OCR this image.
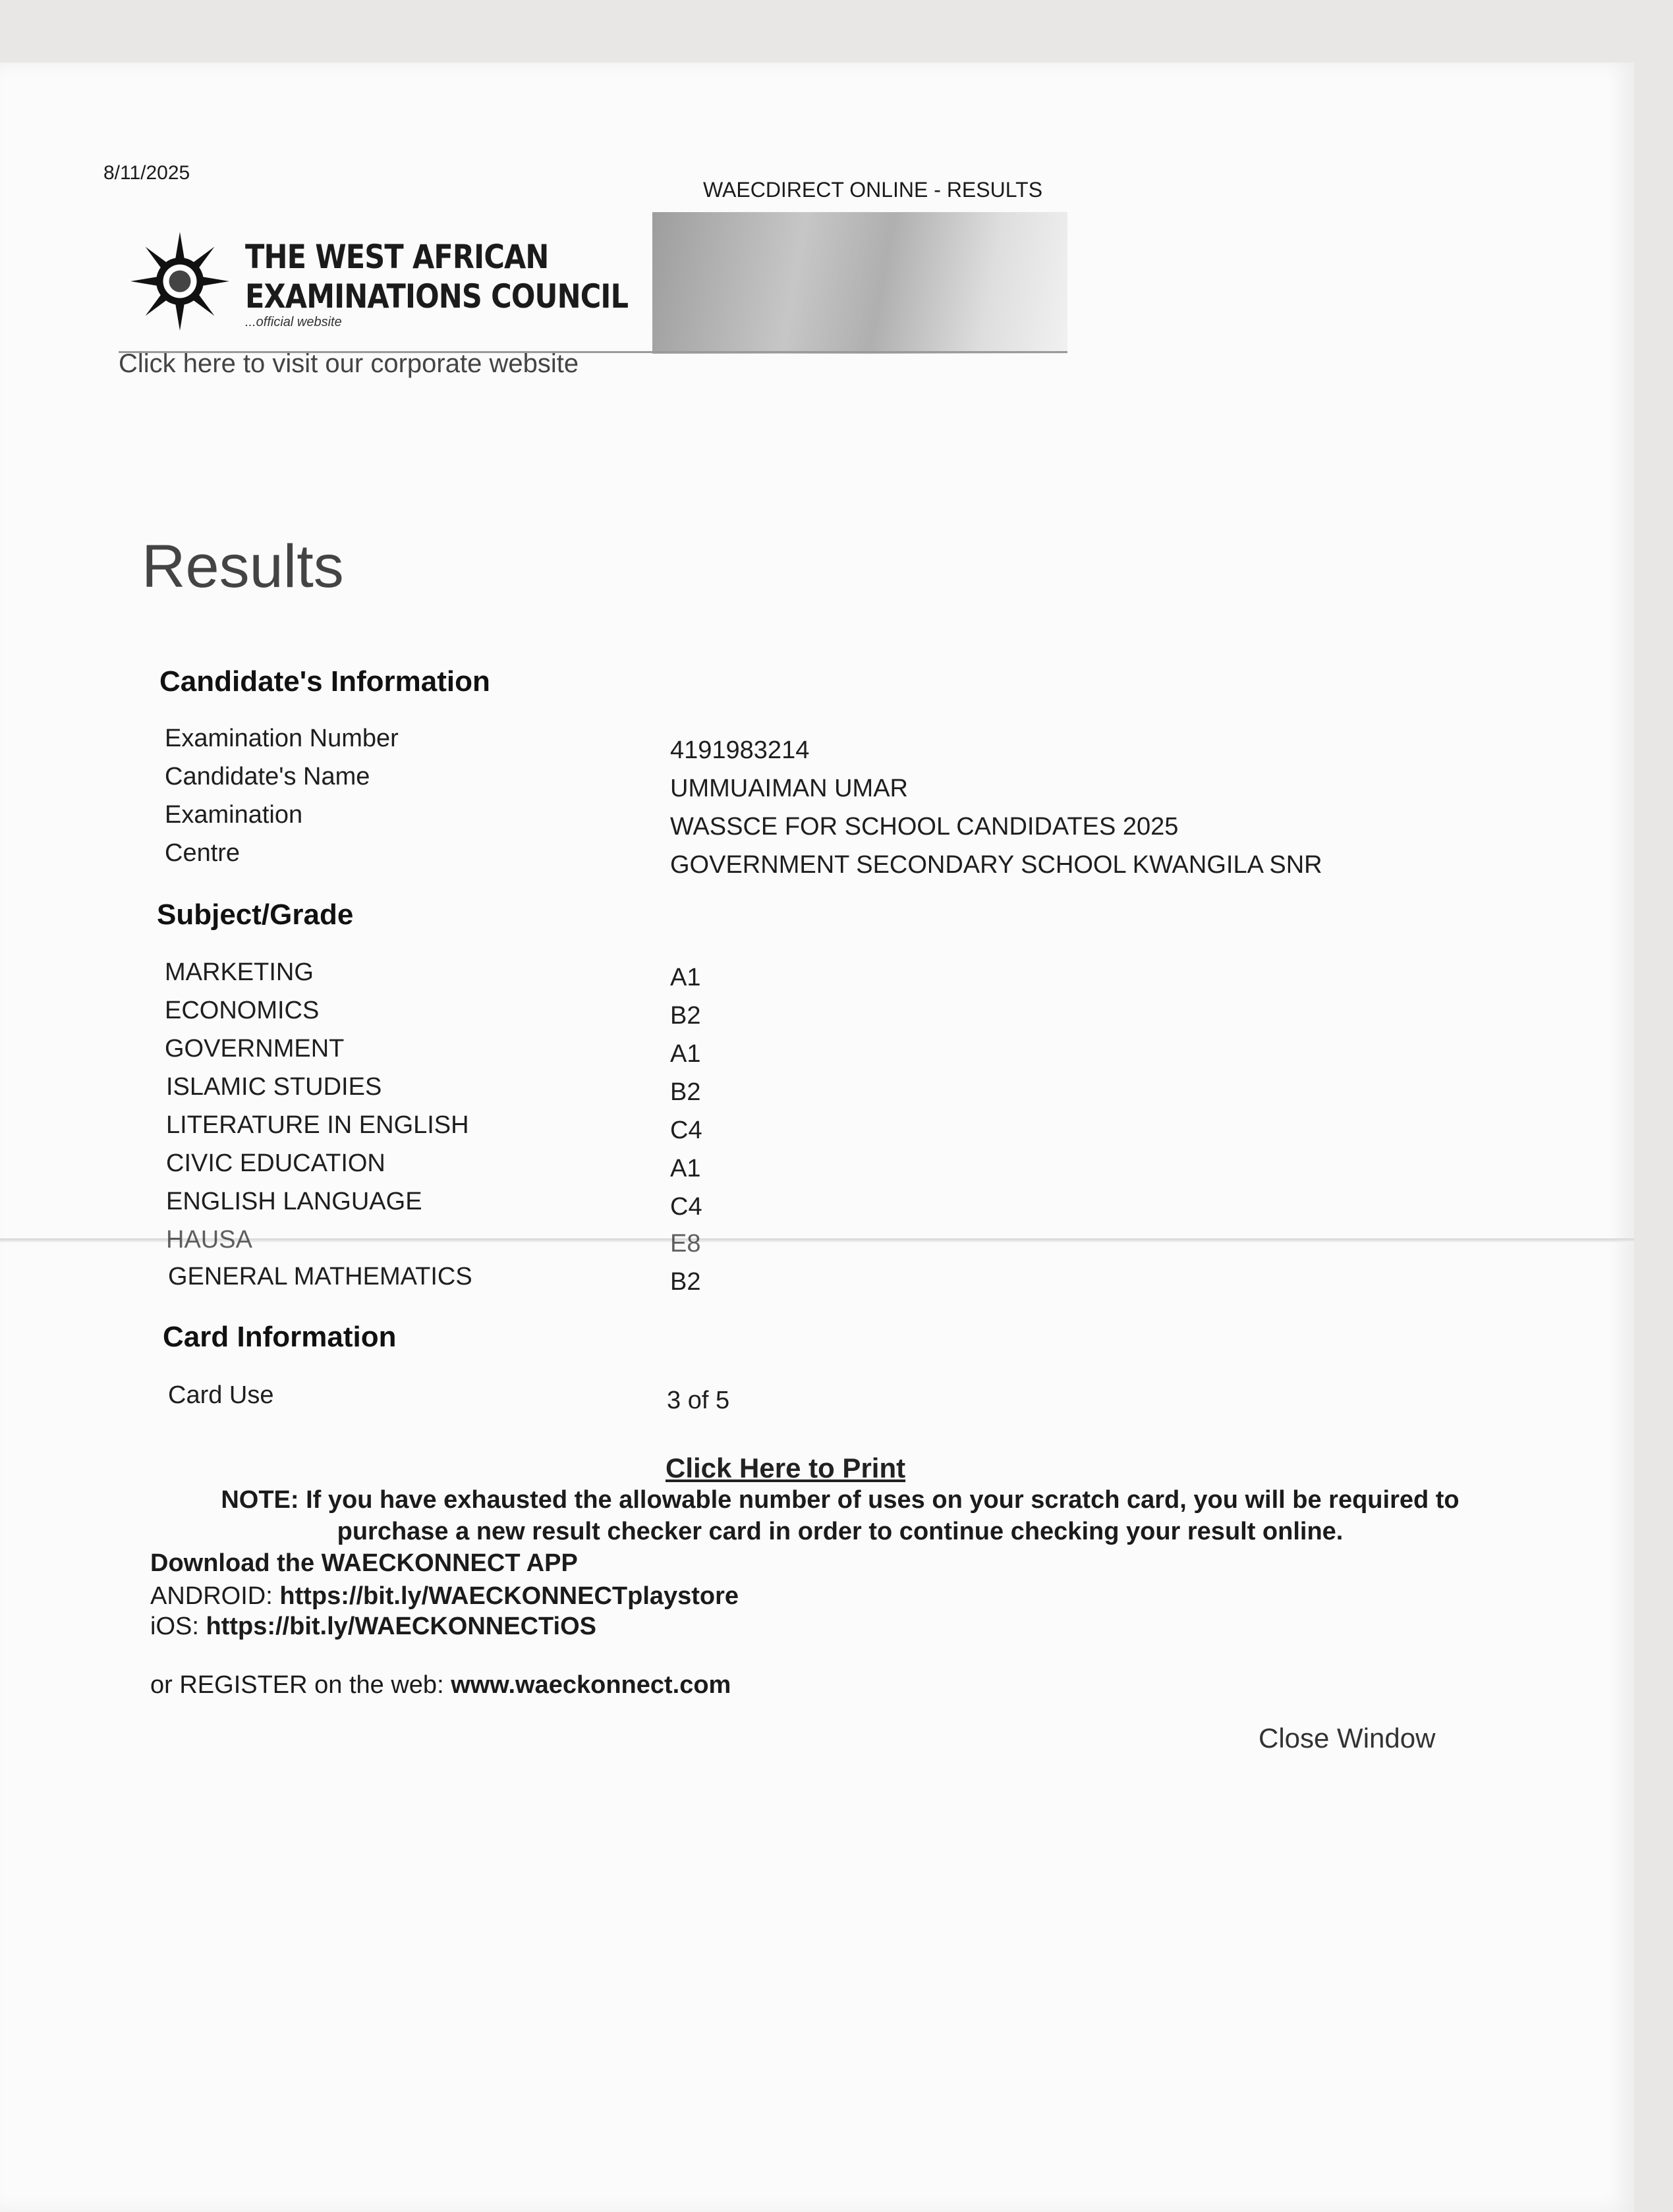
8/11/2025
WAECDIRECT ONLINE - RESULTS
THE WEST AFRICAN
EXAMINATIONS COUNCIL
...official website
Click here to visit our corporate website
Results
Candidate's Information
Examination Number	4191983214
Candidate's Name	UMMUAIMAN UMAR
Examination	WASSCE FOR SCHOOL CANDIDATES 2025
Centre	GOVERNMENT SECONDARY SCHOOL KWANGILA SNR
Subject/Grade
MARKETING	A1
ECONOMICS	B2
GOVERNMENT	A1
ISLAMIC STUDIES	B2
LITERATURE IN ENGLISH	C4
CIVIC EDUCATION	A1
ENGLISH LANGUAGE	C4
HAUSA	E8
GENERAL MATHEMATICS	B2
Card Information
Card Use	3 of 5
Click Here to Print
NOTE: If you have exhausted the allowable number of uses on your scratch card, you will be required to purchase a new result checker card in order to continue checking your result online.
Download the WAECKONNECT APP
ANDROID: https://bit.ly/WAECKONNECTplaystore
iOS: https://bit.ly/WAECKONNECTiOS
or REGISTER on the web: www.waeckonnect.com
Close Window
